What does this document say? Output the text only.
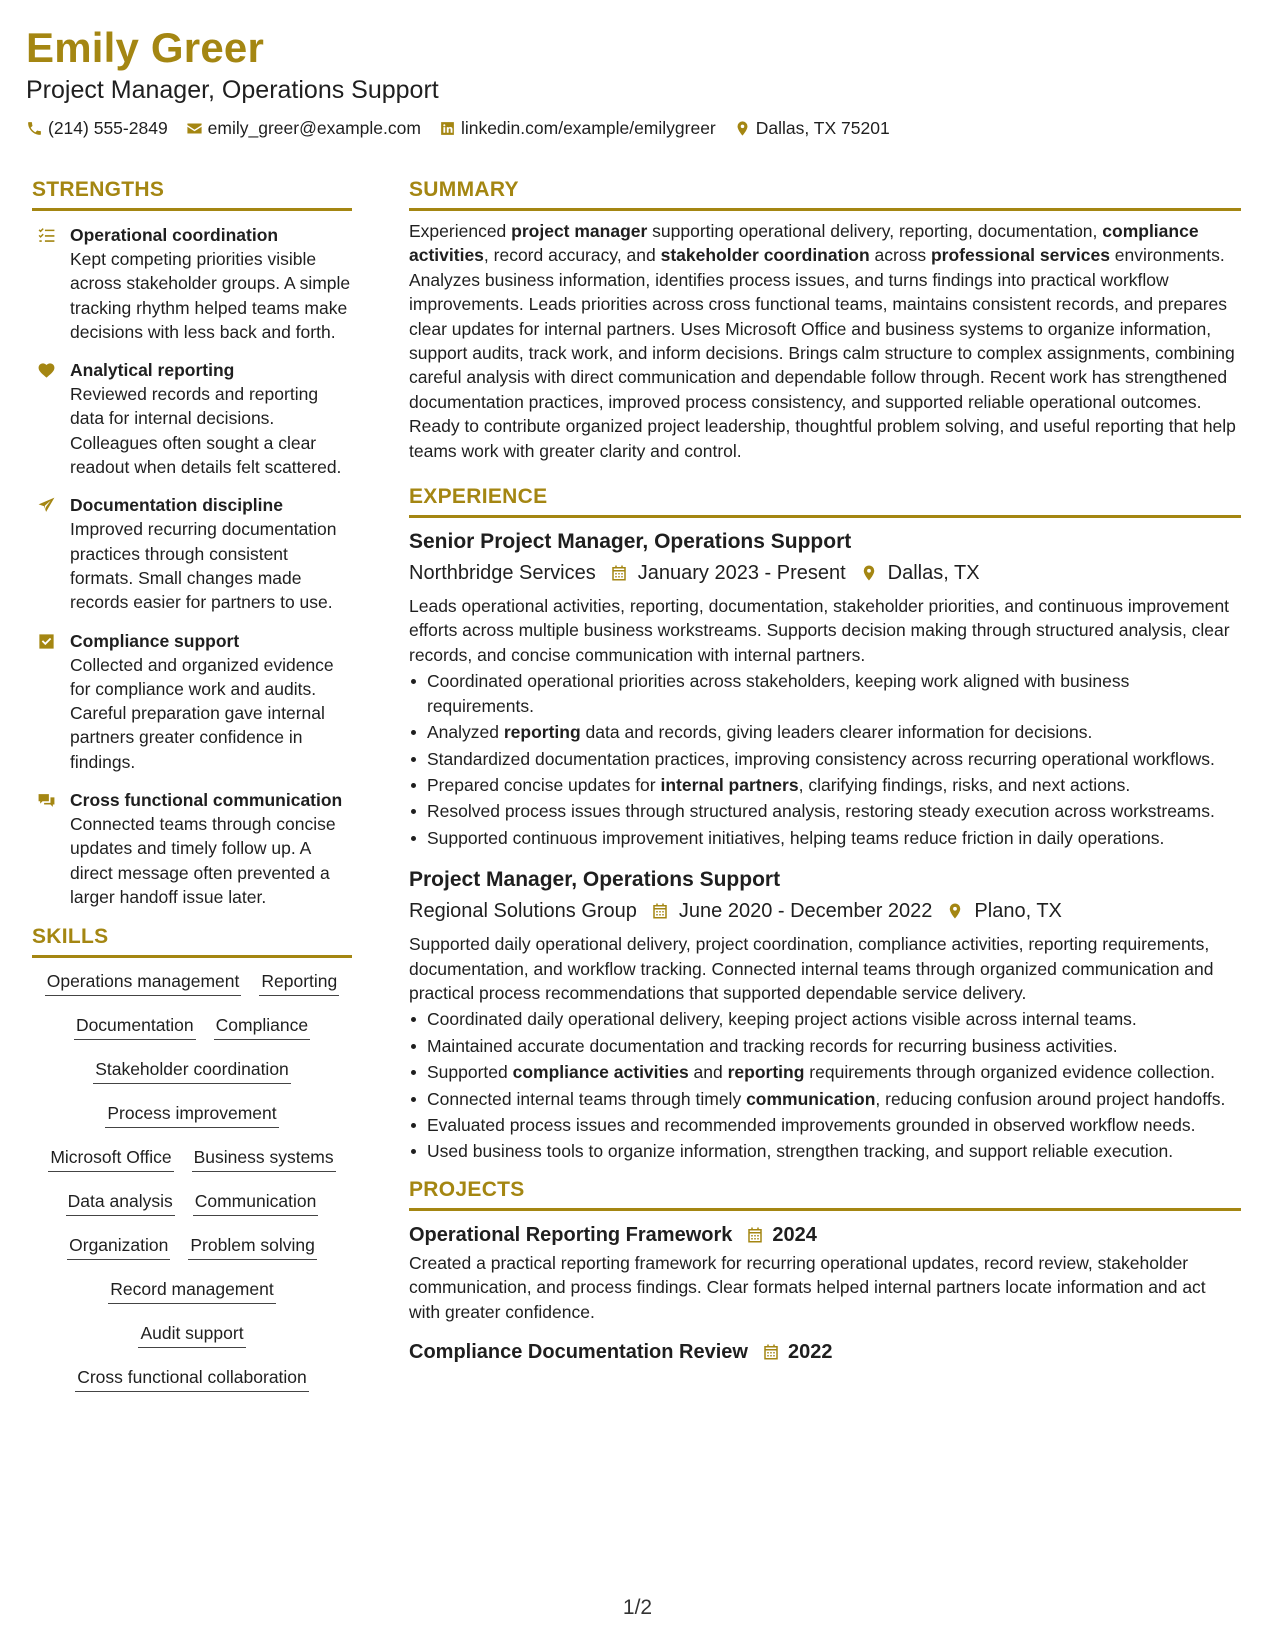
Emily Greer
Project Manager, Operations Support
(214) 555-2849 emily_greer@example.com linkedin.com/example/emilygreer Dallas, TX 75201
STRENGTHS
Operational coordination
Kept competing priorities visible across stakeholder groups. A simple tracking rhythm helped teams make decisions with less back and forth.
Analytical reporting
Reviewed records and reporting data for internal decisions. Colleagues often sought a clear readout when details felt scattered.
Documentation discipline
Improved recurring documentation practices through consistent formats. Small changes made records easier for partners to use.
Compliance support
Collected and organized evidence for compliance work and audits. Careful preparation gave internal partners greater confidence in findings.
Cross functional communication
Connected teams through concise updates and timely follow up. A direct message often prevented a larger handoff issue later.
SKILLS
Operations management Reporting
Documentation Compliance
Stakeholder coordination
Process improvement
Microsoft Office Business systems
Data analysis Communication
Organization Problem solving
Record management
Audit support
Cross functional collaboration
SUMMARY
Experienced project manager supporting operational delivery, reporting, documentation, compliance activities, record accuracy, and stakeholder coordination across professional services environments. Analyzes business information, identifies process issues, and turns findings into practical workflow improvements. Leads priorities across cross functional teams, maintains consistent records, and prepares clear updates for internal partners. Uses Microsoft Office and business systems to organize information, support audits, track work, and inform decisions. Brings calm structure to complex assignments, combining careful analysis with direct communication and dependable follow through. Recent work has strengthened documentation practices, improved process consistency, and supported reliable operational outcomes. Ready to contribute organized project leadership, thoughtful problem solving, and useful reporting that help teams work with greater clarity and control.
EXPERIENCE
Senior Project Manager, Operations Support
Northbridge Services January 2023 - Present Dallas, TX
Leads operational activities, reporting, documentation, stakeholder priorities, and continuous improvement efforts across multiple business workstreams. Supports decision making through structured analysis, clear records, and concise communication with internal partners.
Coordinated operational priorities across stakeholders, keeping work aligned with business requirements.
Analyzed reporting data and records, giving leaders clearer information for decisions.
Standardized documentation practices, improving consistency across recurring operational workflows.
Prepared concise updates for internal partners, clarifying findings, risks, and next actions.
Resolved process issues through structured analysis, restoring steady execution across workstreams.
Supported continuous improvement initiatives, helping teams reduce friction in daily operations.
Project Manager, Operations Support
Regional Solutions Group June 2020 - December 2022 Plano, TX
Supported daily operational delivery, project coordination, compliance activities, reporting requirements, documentation, and workflow tracking. Connected internal teams through organized communication and practical process recommendations that supported dependable service delivery.
Coordinated daily operational delivery, keeping project actions visible across internal teams.
Maintained accurate documentation and tracking records for recurring business activities.
Supported compliance activities and reporting requirements through organized evidence collection.
Connected internal teams through timely communication, reducing confusion around project handoffs.
Evaluated process issues and recommended improvements grounded in observed workflow needs.
Used business tools to organize information, strengthen tracking, and support reliable execution.
PROJECTS
Operational Reporting Framework 2024
Created a practical reporting framework for recurring operational updates, record review, stakeholder communication, and process findings. Clear formats helped internal partners locate information and act with greater confidence.
Compliance Documentation Review 2022
1/2
